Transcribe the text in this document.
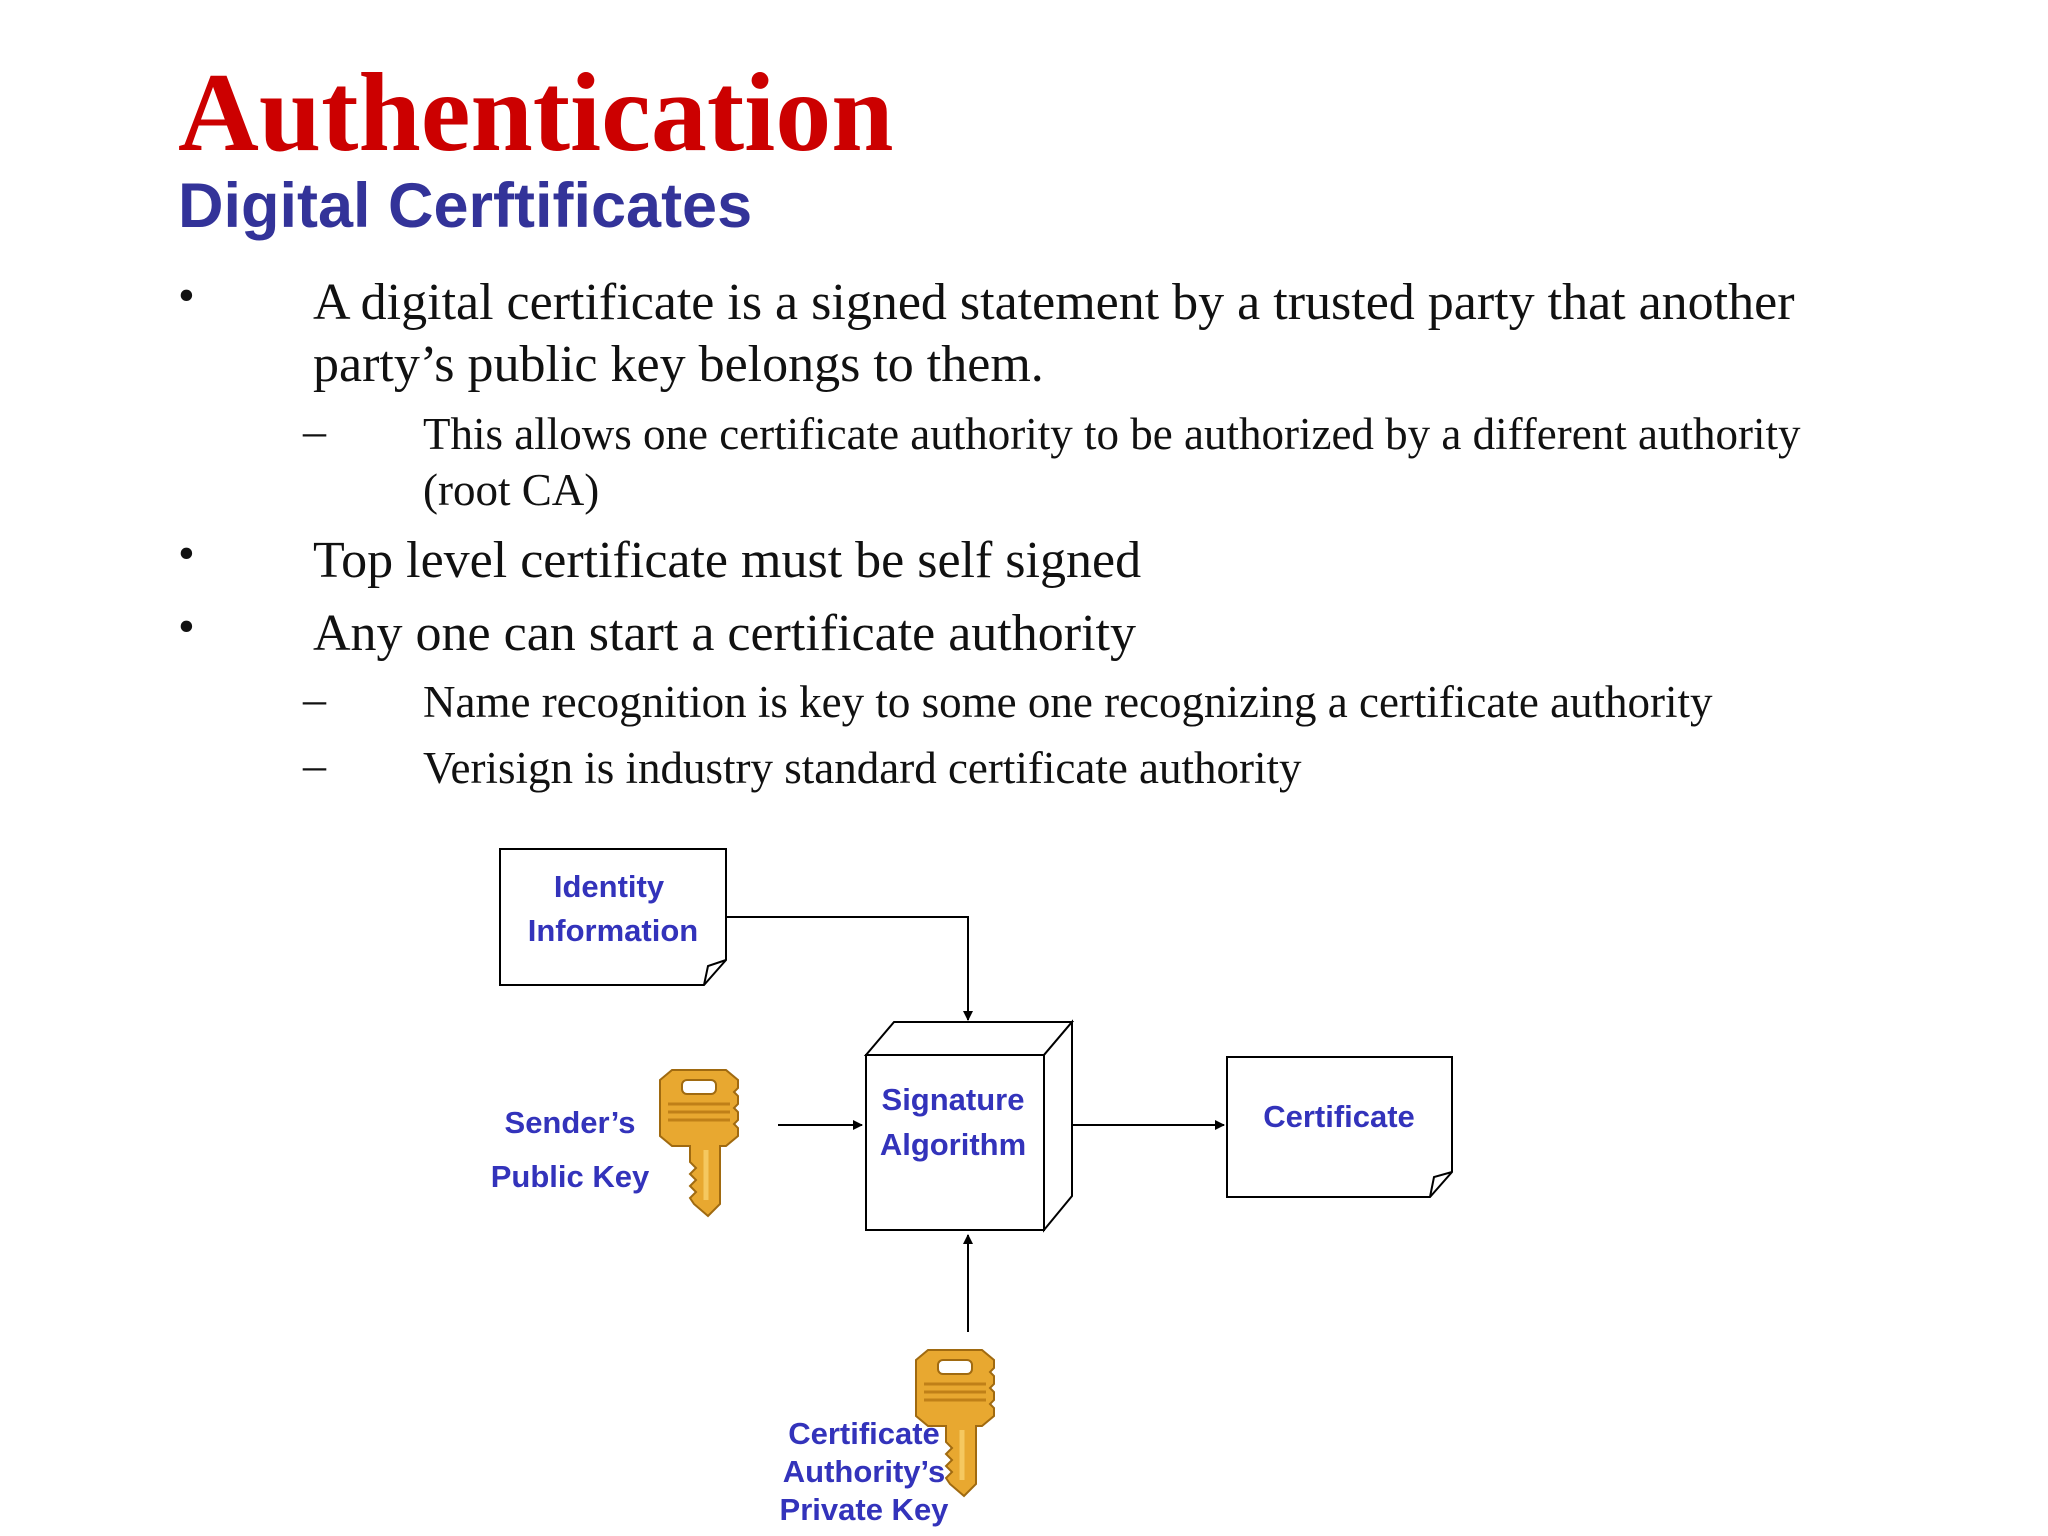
Authentication
Digital Cerftificates
• A digital certificate is a signed statement by a trusted party that another
party’s public key belongs to them.
– This allows one certificate authority to be authorized by a different authority
(root CA)
• Top level certificate must be self signed
• Any one can start a certificate authority
– Name recognition is key to some one recognizing a certificate authority
– Verisign is industry standard certificate authority
Identity
Information
Signature
Algorithm
Sender’s
Public Key
Certificate
Certificate
Authority’s
Private Key
